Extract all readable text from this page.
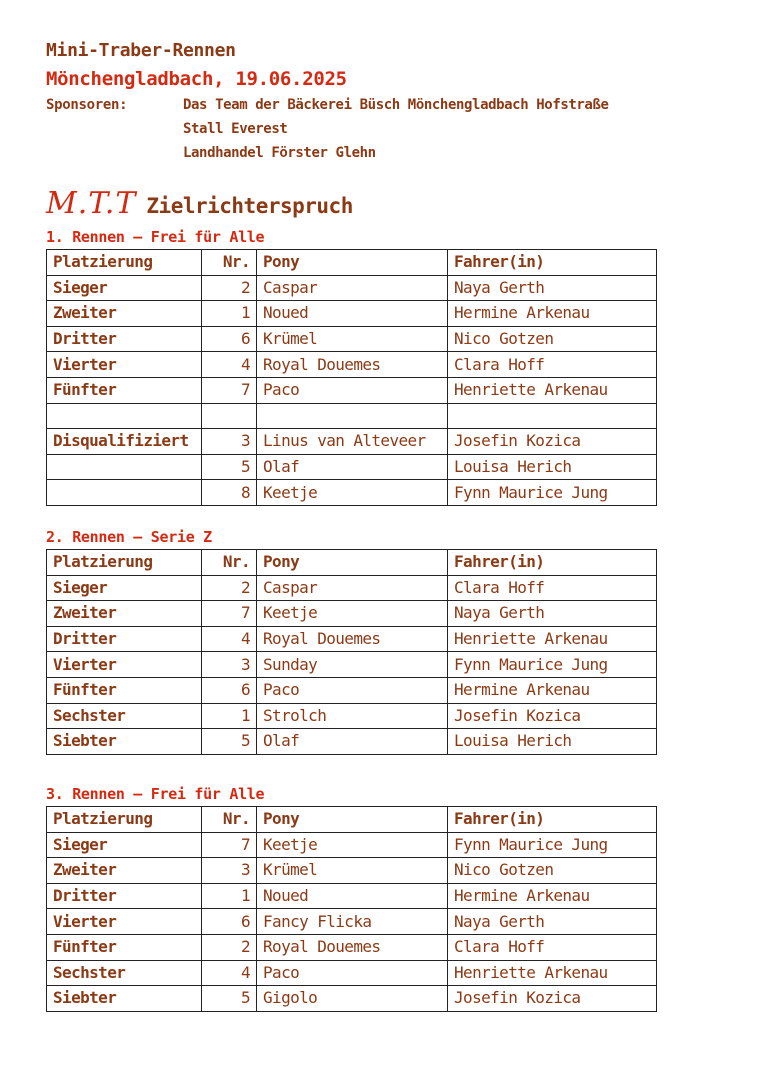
Mini-Traber-Rennen
Mönchengladbach, 19.06.2025
Sponsoren:	Das Team der Bäckerei Büsch Mönchengladbach Hofstraße
Stall Everest
Landhandel Förster Glehn
M.T.T Zielrichterspruch
1. Rennen – Frei für Alle
Platzierung	Nr.	Pony	Fahrer(in)
Sieger	2	Caspar	Naya Gerth
Zweiter	1	Noued	Hermine Arkenau
Dritter	6	Krümel	Nico Gotzen
Vierter	4	Royal Douemes	Clara Hoff
Fünfter	7	Paco	Henriette Arkenau

Disqualifiziert	3	Linus van Alteveer	Josefin Kozica
	5	Olaf	Louisa Herich
	8	Keetje	Fynn Maurice Jung
2. Rennen – Serie Z
Platzierung	Nr.	Pony	Fahrer(in)
Sieger	2	Caspar	Clara Hoff
Zweiter	7	Keetje	Naya Gerth
Dritter	4	Royal Douemes	Henriette Arkenau
Vierter	3	Sunday	Fynn Maurice Jung
Fünfter	6	Paco	Hermine Arkenau
Sechster	1	Strolch	Josefin Kozica
Siebter	5	Olaf	Louisa Herich
3. Rennen – Frei für Alle
Platzierung	Nr.	Pony	Fahrer(in)
Sieger	7	Keetje	Fynn Maurice Jung
Zweiter	3	Krümel	Nico Gotzen
Dritter	1	Noued	Hermine Arkenau
Vierter	6	Fancy Flicka	Naya Gerth
Fünfter	2	Royal Douemes	Clara Hoff
Sechster	4	Paco	Henriette Arkenau
Siebter	5	Gigolo	Josefin Kozica
